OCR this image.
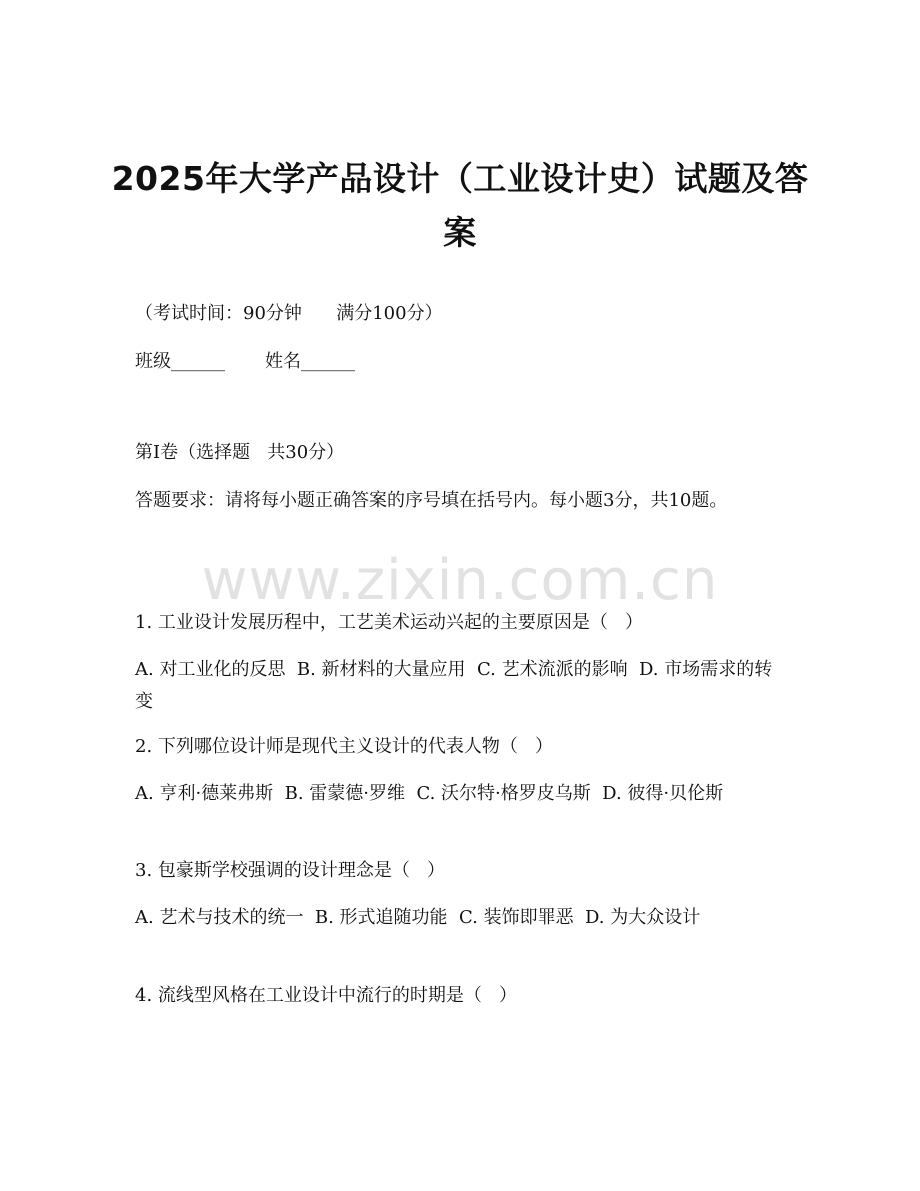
2025年大学产品设计（工业设计史）试题及答案

（考试时间：90分钟      满分100分）

班级______       姓名______

第I卷（选择题   共30分）

答题要求：请将每小题正确答案的序号填在括号内。每小题3分，共10题。

www.zixin.com.cn

1. 工业设计发展历程中，工艺美术运动兴起的主要原因是（   ）

A. 对工业化的反思  B. 新材料的大量应用  C. 艺术流派的影响  D. 市场需求的转变

2. 下列哪位设计师是现代主义设计的代表人物（   ）

A. 亨利·德莱弗斯  B. 雷蒙德·罗维  C. 沃尔特·格罗皮乌斯  D. 彼得·贝伦斯

3. 包豪斯学校强调的设计理念是（   ）

A. 艺术与技术的统一  B. 形式追随功能  C. 装饰即罪恶  D. 为大众设计

4. 流线型风格在工业设计中流行的时期是（   ）
